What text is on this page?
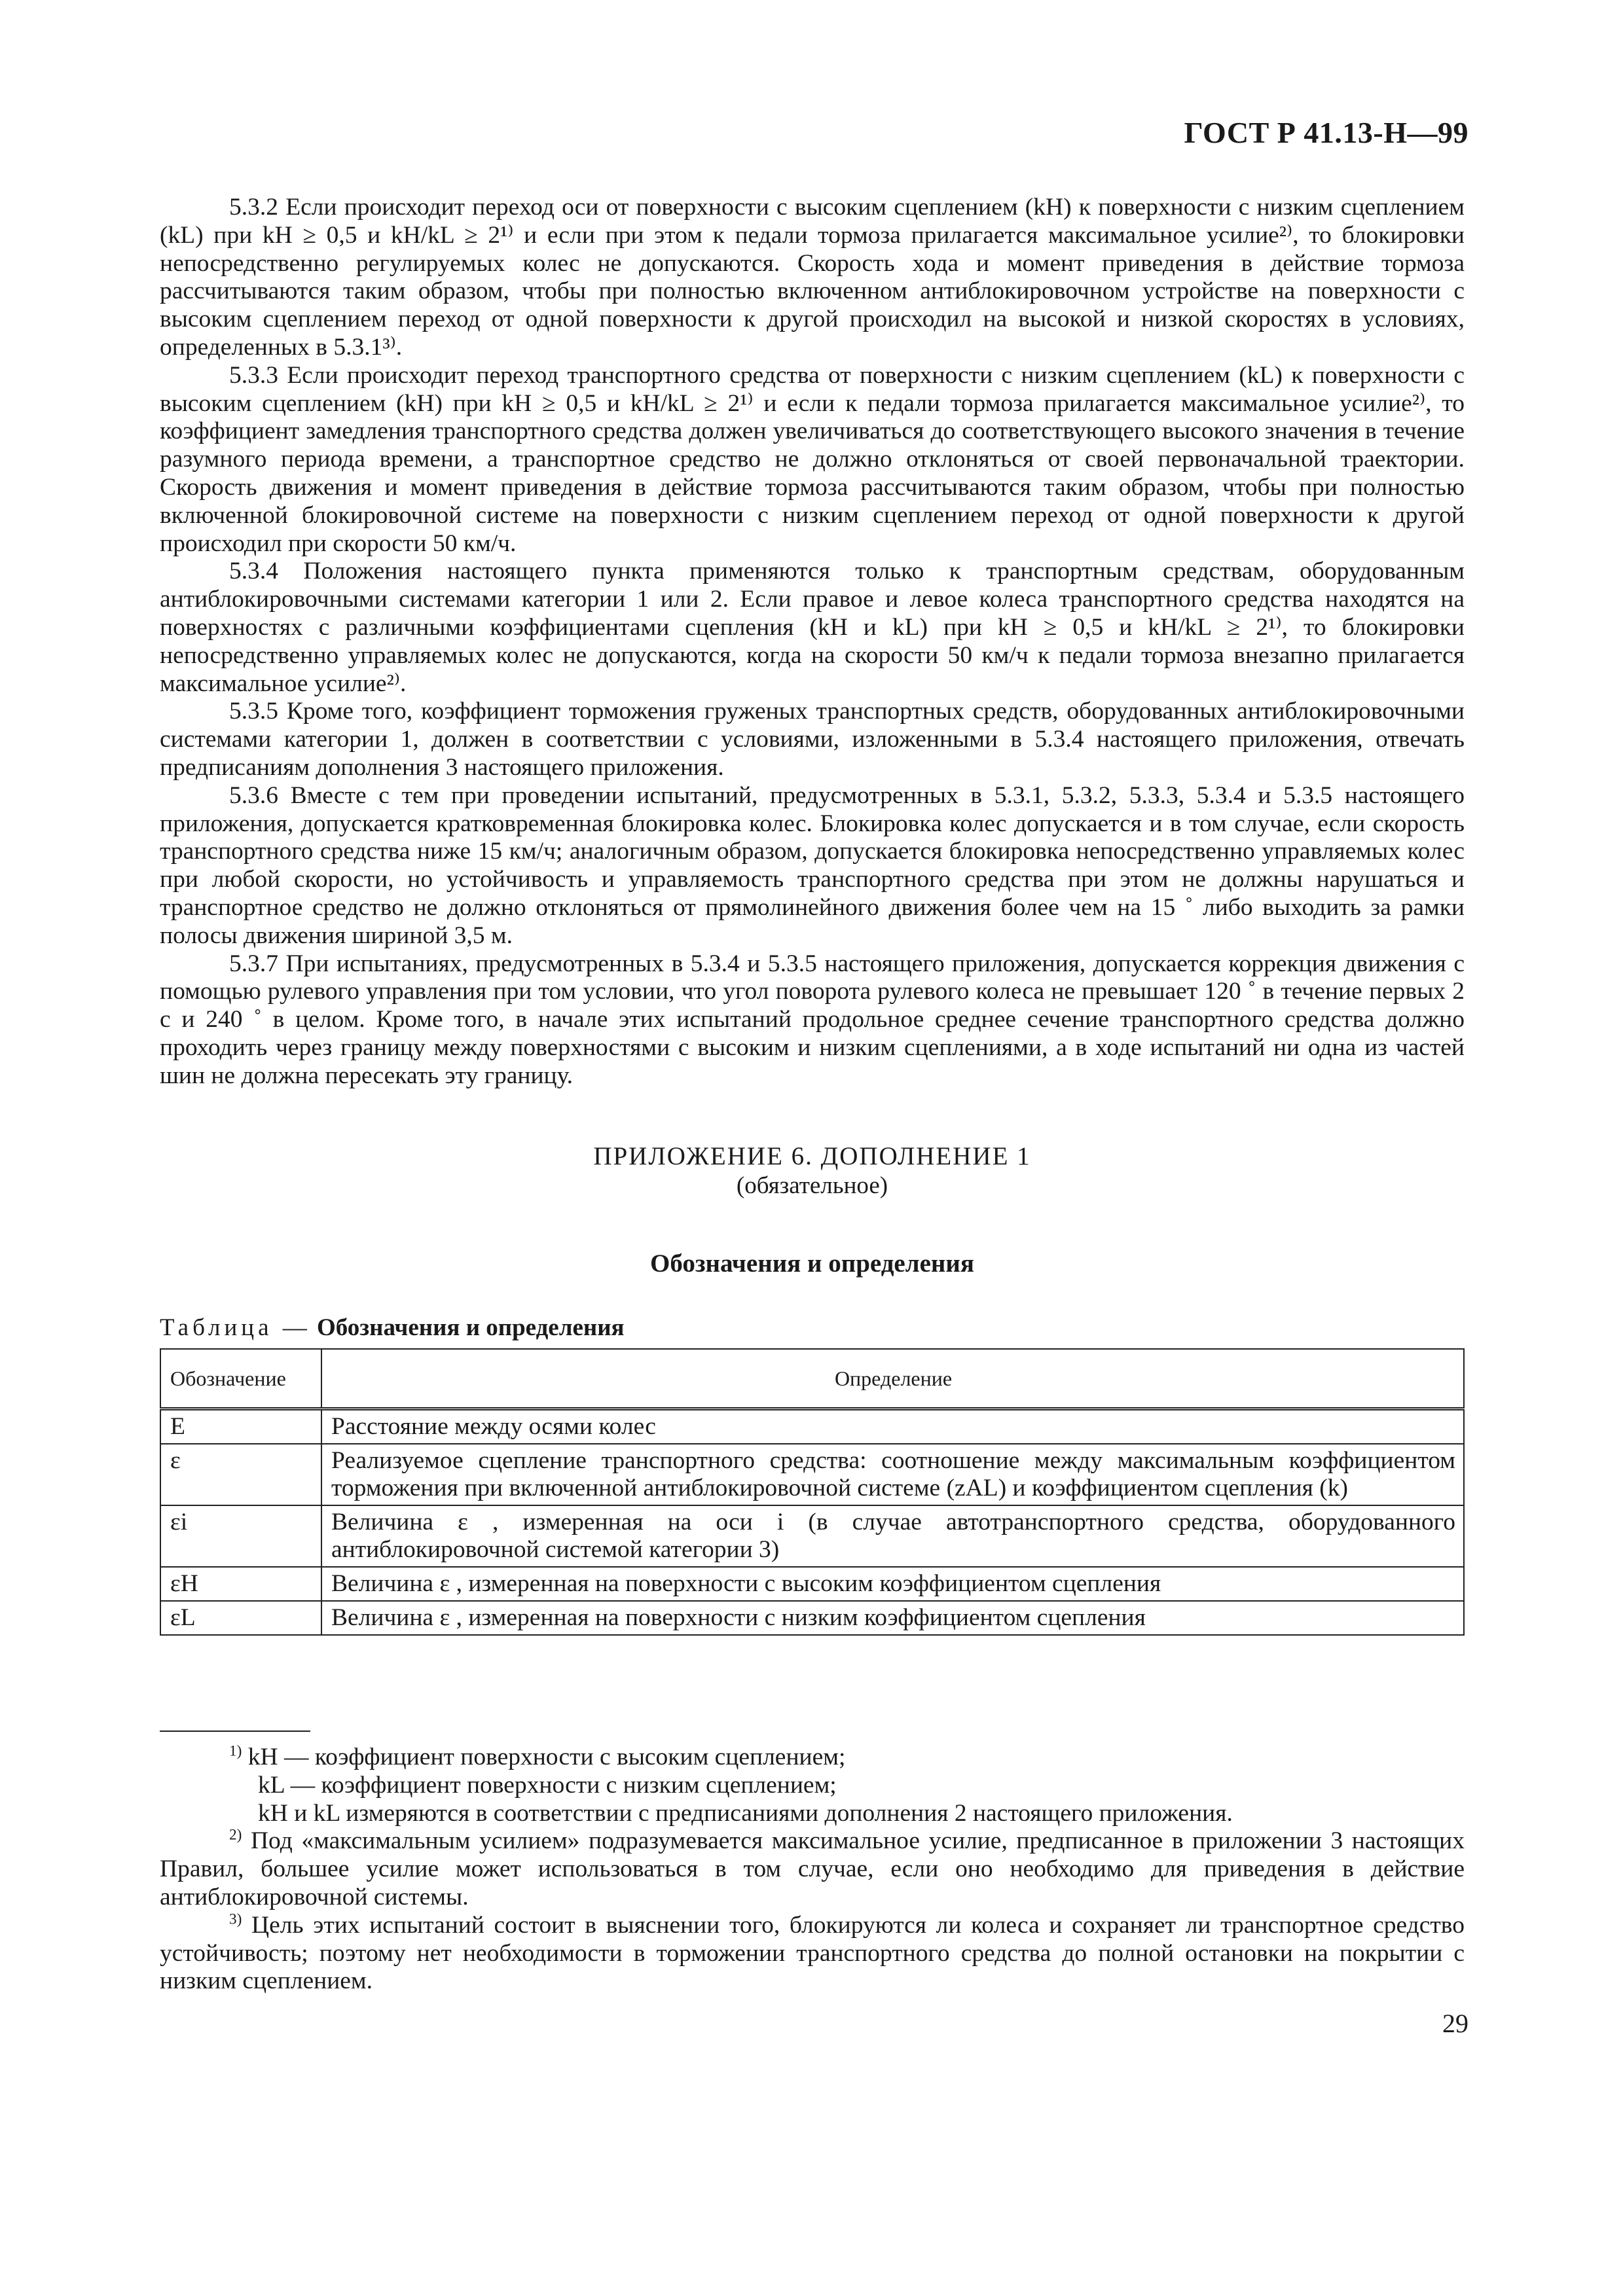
ГОСТ Р 41.13-Н—99

5.3.2 Если происходит переход оси от поверхности с высоким сцеплением (kН) к поверхности с низким сцеплением (kL) при kН ≥ 0,5 и kН/kL ≥ 2¹⁾ и если при этом к педали тормоза прилагается максимальное усилие²⁾, то блокировки непосредственно регулируемых колес не допускаются. Скорость хода и момент приведения в действие тормоза рассчитываются таким образом, чтобы при полностью включенном антиблокировочном устройстве на поверхности с высоким сцеплением переход от одной поверхности к другой происходил на высокой и низкой скоростях в условиях, определенных в 5.3.1³⁾.

5.3.3 Если происходит переход транспортного средства от поверхности с низким сцеплением (kL) к поверхности с высоким сцеплением (kН) при kН ≥ 0,5 и kН/kL ≥ 2¹⁾ и если к педали тормоза прилагается максимальное усилие²⁾, то коэффициент замедления транспортного средства должен увеличиваться до соответствующего высокого значения в течение разумного периода времени, а транспортное средство не должно отклоняться от своей первоначальной траектории. Скорость движения и момент приведения в действие тормоза рассчитываются таким образом, чтобы при полностью включенной блокировочной системе на поверхности с низким сцеплением переход от одной поверхности к другой происходил при скорости 50 км/ч.

5.3.4 Положения настоящего пункта применяются только к транспортным средствам, оборудованным антиблокировочными системами категории 1 или 2. Если правое и левое колеса транспортного средства находятся на поверхностях с различными коэффициентами сцепления (kН и kL) при kН ≥ 0,5 и kН/kL ≥ 2¹⁾, то блокировки непосредственно управляемых колес не допускаются, когда на скорости 50 км/ч к педали тормоза внезапно прилагается максимальное усилие²⁾.

5.3.5 Кроме того, коэффициент торможения груженых транспортных средств, оборудованных антиблокировочными системами категории 1, должен в соответствии с условиями, изложенными в 5.3.4 настоящего приложения, отвечать предписаниям дополнения 3 настоящего приложения.

5.3.6 Вместе с тем при проведении испытаний, предусмотренных в 5.3.1, 5.3.2, 5.3.3, 5.3.4 и 5.3.5 настоящего приложения, допускается кратковременная блокировка колес. Блокировка колес допускается и в том случае, если скорость транспортного средства ниже 15 км/ч; аналогичным образом, допускается блокировка непосредственно управляемых колес при любой скорости, но устойчивость и управляемость транспортного средства при этом не должны нарушаться и транспортное средство не должно отклоняться от прямолинейного движения более чем на 15 ˚ либо выходить за рамки полосы движения шириной 3,5 м.

5.3.7 При испытаниях, предусмотренных в 5.3.4 и 5.3.5 настоящего приложения, допускается коррекция движения с помощью рулевого управления при том условии, что угол поворота рулевого колеса не превышает 120 ˚ в течение первых 2 с и 240 ˚ в целом. Кроме того, в начале этих испытаний продольное среднее сечение транспортного средства должно проходить через границу между поверхностями с высоким и низким сцеплениями, а в ходе испытаний ни одна из частей шин не должна пересекать эту границу.

ПРИЛОЖЕНИЕ 6. ДОПОЛНЕНИЕ 1
(обязательное)
Обозначения и определения
Таблица — Обозначения и определения
Обозначение	Определение
E	Расстояние между осями колес
ε	Реализуемое сцепление транспортного средства: соотношение между максимальным коэффициентом торможения при включенной антиблокировочной системе (zAL) и коэффициентом сцепления (k)
εi	Величина ε , измеренная на оси i (в случае автотранспортного средства, оборудованного антиблокировочной системой категории 3)
εН	Величина ε , измеренная на поверхности с высоким коэффициентом сцепления
εL	Величина ε , измеренная на поверхности с низким коэффициентом сцепления

$^{1)}$ kН — коэффициент поверхности с высоким сцеплением;

kL — коэффициент поверхности с низким сцеплением;

kН и kL измеряются в соответствии с предписаниями дополнения 2 настоящего приложения.

$^{2)}$ Под «максимальным усилием» подразумевается максимальное усилие, предписанное в приложении 3 настоящих Правил, большее усилие может использоваться в том случае, если оно необходимо для приведения в действие антиблокировочной системы.

$^{3)}$ Цель этих испытаний состоит в выяснении того, блокируются ли колеса и сохраняет ли транспортное средство устойчивость; поэтому нет необходимости в торможении транспортного средства до полной остановки на покрытии с низким сцеплением.

29
